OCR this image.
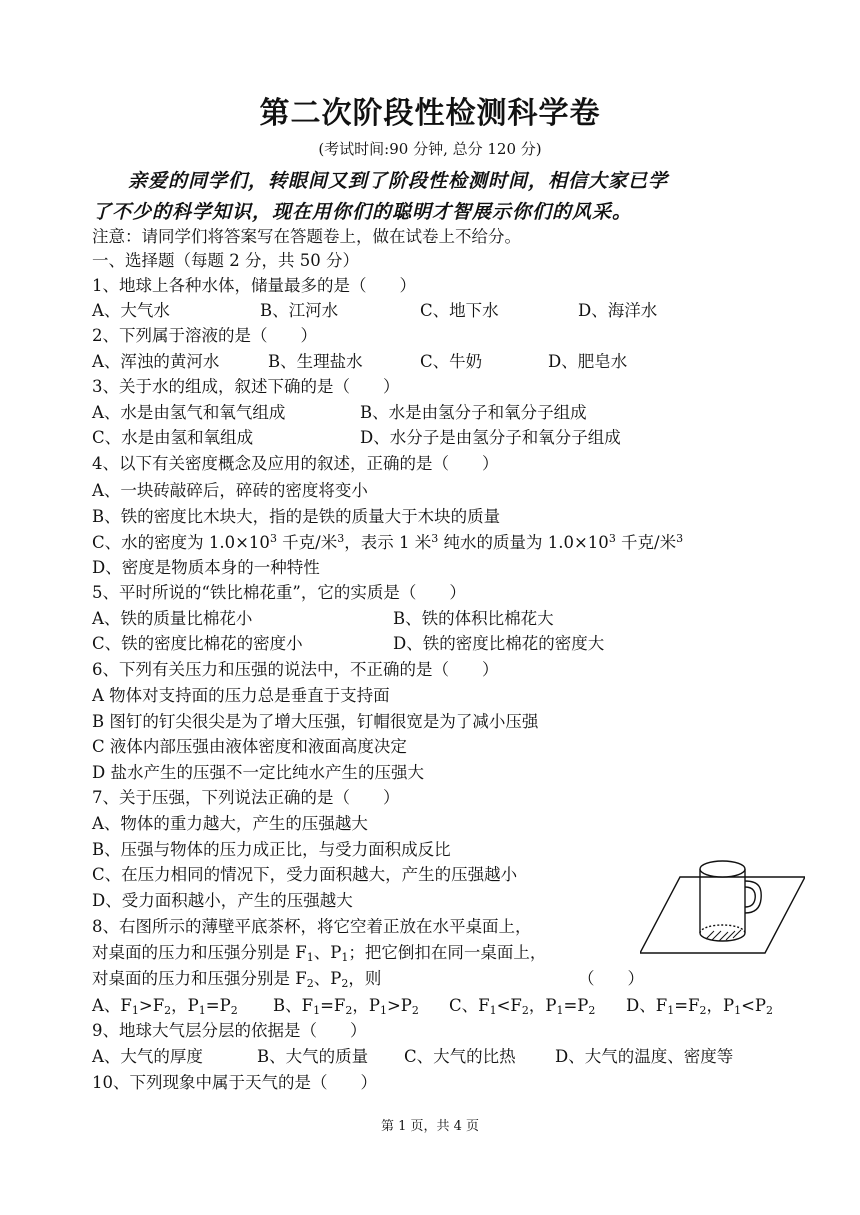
第二次阶段性检测科学卷
(考试时间:90 分钟, 总分 120 分)
亲爱的同学们，转眼间又到了阶段性检测时间，相信大家已学
了不少的科学知识，现在用你们的聪明才智展示你们的风采。
注意：请同学们将答案写在答题卷上，做在试卷上不给分。
一、选择题（每题 2 分，共 50 分）
1、地球上各种水体，储量最多的是（　　）
A、大气水	B、江河水	C、地下水	D、海洋水
2、下列属于溶液的是（　　）
A、浑浊的黄河水	B、生理盐水	C、牛奶	D、肥皂水
3、关于水的组成，叙述下确的是（　　）
A、水是由氢气和氧气组成	B、水是由氢分子和氧分子组成
C、水是由氢和氧组成	D、水分子是由氢分子和氧分子组成
4、以下有关密度概念及应用的叙述，正确的是（　　）
A、一块砖敲碎后，碎砖的密度将变小
B、铁的密度比木块大，指的是铁的质量大于木块的质量
C、水的密度为 $1.0\times 10^3$ 千克/米$^3$，表示 1 米$^3$ 纯水的质量为 $1.0\times 10^3$ 千克/米$^3$
D、密度是物质本身的一种特性
5、平时所说的“铁比棉花重”，它的实质是（　　）
A、铁的质量比棉花小	B、铁的体积比棉花大
C、铁的密度比棉花的密度小	D、铁的密度比棉花的密度大
6、下列有关压力和压强的说法中，不正确的是（　　）
A 物体对支持面的压力总是垂直于支持面
B 图钉的钉尖很尖是为了增大压强，钉帽很宽是为了减小压强
C 液体内部压强由液体密度和液面高度决定
D 盐水产生的压强不一定比纯水产生的压强大
7、关于压强，下列说法正确的是（　　）
A、物体的重力越大，产生的压强越大
B、压强与物体的压力成正比，与受力面积成反比
C、在压力相同的情况下，受力面积越大，产生的压强越小
D、受力面积越小，产生的压强越大
8、右图所示的薄壁平底茶杯，将它空着正放在水平桌面上，
对桌面的压力和压强分别是 $F_1$、$P_1$；把它倒扣在同一桌面上，
对桌面的压力和压强分别是 $F_2$、$P_2$，则	（　　）
A、$F_1>F_2$，$P_1=P_2$ B、$F_1=F_2$，$P_1>P_2$ C、$F_1<F_2$，$P_1=P_2$ D、$F_1=F_2$，$P_1<P_2$
9、地球大气层分层的依据是（　　）
A、大气的厚度	B、大气的质量 C、大气的比热 D、大气的温度、密度等
10、下列现象中属于天气的是（　　）
第 1 页，共 4 页
